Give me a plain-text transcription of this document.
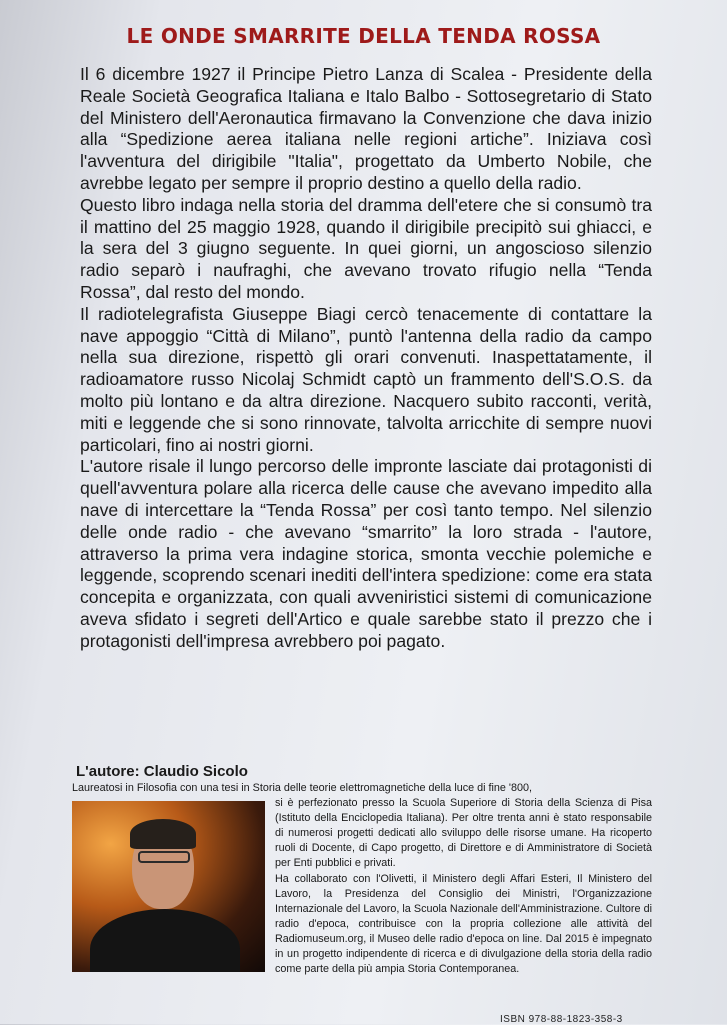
LE ONDE SMARRITE DELLA TENDA ROSSA

Il 6 dicembre 1927 il Principe Pietro Lanza di Scalea - Presidente della Reale Società Geografica Italiana e Italo Balbo - Sottosegretario di Stato del Ministero dell'Aeronautica firmavano la Convenzione che dava inizio alla “Spedizione aerea italiana nelle regioni artiche”. Iniziava così l'avventura del dirigibile "Italia", progettato da Umberto Nobile, che avrebbe legato per sempre il proprio destino a quello della radio.

Questo libro indaga nella storia del dramma dell'etere che si consumò tra il mattino del 25 maggio 1928, quando il dirigibile precipitò sui ghiacci, e la sera del 3 giugno seguente. In quei giorni, un angoscioso silenzio radio separò i naufraghi, che avevano trovato rifugio nella “Tenda Rossa”, dal resto del mondo.

Il radiotelegrafista Giuseppe Biagi cercò tenacemente di contattare la nave appoggio “Città di Milano”, puntò l'antenna della radio da campo nella sua direzione, rispettò gli orari convenuti. Inaspettatamente, il radioamatore russo Nicolaj Schmidt captò un frammento dell'S.O.S. da molto più lontano e da altra direzione. Nacquero subito racconti, verità, miti e leggende che si sono rinnovate, talvolta arricchite di sempre nuovi particolari, fino ai nostri giorni.

L'autore risale il lungo percorso delle impronte lasciate dai protagonisti di quell'avventura polare alla ricerca delle cause che avevano impedito alla nave di intercettare la “Tenda Rossa” per così tanto tempo. Nel silenzio delle onde radio - che avevano “smarrito” la loro strada - l'autore, attraverso la prima vera indagine storica, smonta vecchie polemiche e leggende, scoprendo scenari inediti dell'intera spedizione: come era stata concepita e organizzata, con quali avveniristici sistemi di comunicazione aveva sfidato i segreti dell'Artico e quale sarebbe stato il prezzo che i protagonisti dell'impresa avrebbero poi pagato.

L'autore: Claudio Sicolo

Laureatosi in Filosofia con una tesi in Storia delle teorie elettromagnetiche della luce di fine '800,

si è perfezionato presso la Scuola Superiore di Storia della Scienza di Pisa (Istituto della Enciclopedia Italiana). Per oltre trenta anni è stato responsabile di numerosi progetti dedicati allo sviluppo delle risorse umane. Ha ricoperto ruoli di Docente, di Capo progetto, di Direttore e di Amministratore di Società per Enti pubblici e privati.

Ha collaborato con l'Olivetti, il Ministero degli Affari Esteri, Il Ministero del Lavoro, la Presidenza del Consiglio dei Ministri, l'Organizzazione Internazionale del Lavoro, la Scuola Nazionale dell'Amministrazione. Cultore di radio d'epoca, contribuisce con la propria collezione alle attività del Radiomuseum.org, il Museo delle radio d'epoca on line. Dal 2015 è impegnato in un progetto indipendente di ricerca e di divulgazione della storia della radio come parte della più ampia Storia Contemporanea.

ISBN 978-88-1823-358-3
